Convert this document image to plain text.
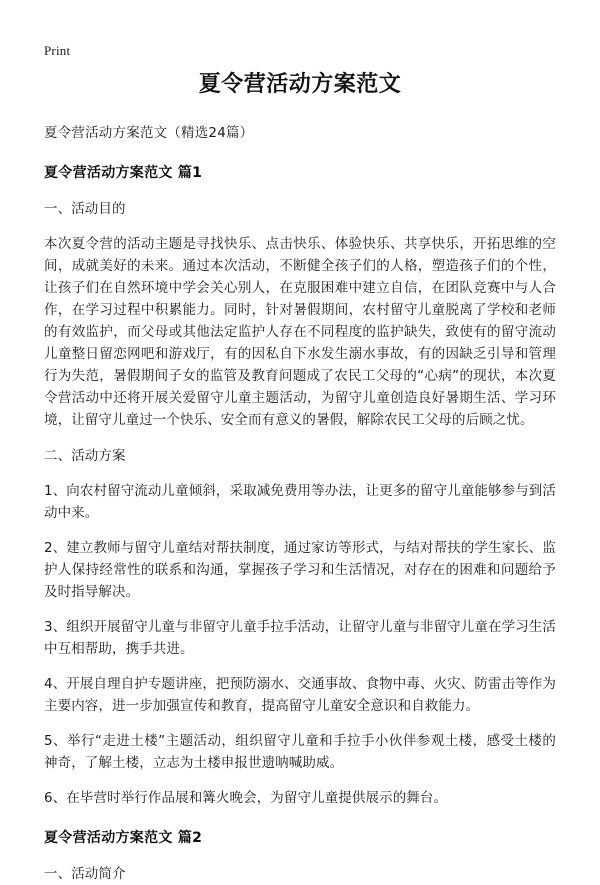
Print
夏令营活动方案范文
夏令营活动方案范文（精选24篇）
夏令营活动方案范文 篇1

一、活动目的

本次夏令营的活动主题是寻找快乐、点击快乐、体验快乐、共享快乐，开拓思维的空间，成就美好的未来。通过本次活动，不断健全孩子们的人格，塑造孩子们的个性，让孩子们在自然环境中学会关心别人，在克服困难中建立自信，在团队竞赛中与人合作，在学习过程中积累能力。同时，针对暑假期间，农村留守儿童脱离了学校和老师的有效监护，而父母或其他法定监护人存在不同程度的监护缺失，致使有的留守流动儿童整日留恋网吧和游戏厅，有的因私自下水发生溺水事故，有的因缺乏引导和管理行为失范，暑假期间子女的监管及教育问题成了农民工父母的“心病”的现状，本次夏令营活动中还将开展关爱留守儿童主题活动，为留守儿童创造良好暑期生活、学习环境，让留守儿童过一个快乐、安全而有意义的暑假，解除农民工父母的后顾之忧。

二、活动方案

1、向农村留守流动儿童倾斜，采取减免费用等办法，让更多的留守儿童能够参与到活动中来。

2、建立教师与留守儿童结对帮扶制度，通过家访等形式，与结对帮扶的学生家长、监护人保持经常性的联系和沟通，掌握孩子学习和生活情况，对存在的困难和问题给予及时指导解决。

3、组织开展留守儿童与非留守儿童手拉手活动，让留守儿童与非留守儿童在学习生活中互相帮助，携手共进。

4、开展自理自护专题讲座，把预防溺水、交通事故、食物中毒、火灾、防雷击等作为主要内容，进一步加强宣传和教育，提高留守儿童安全意识和自救能力。

5、举行“走进土楼”主题活动，组织留守儿童和手拉手小伙伴参观土楼，感受土楼的神奇，了解土楼，立志为土楼申报世遗呐喊助威。

6、在毕营时举行作品展和篝火晚会，为留守儿童提供展示的舞台。

夏令营活动方案范文 篇2

一、活动简介
